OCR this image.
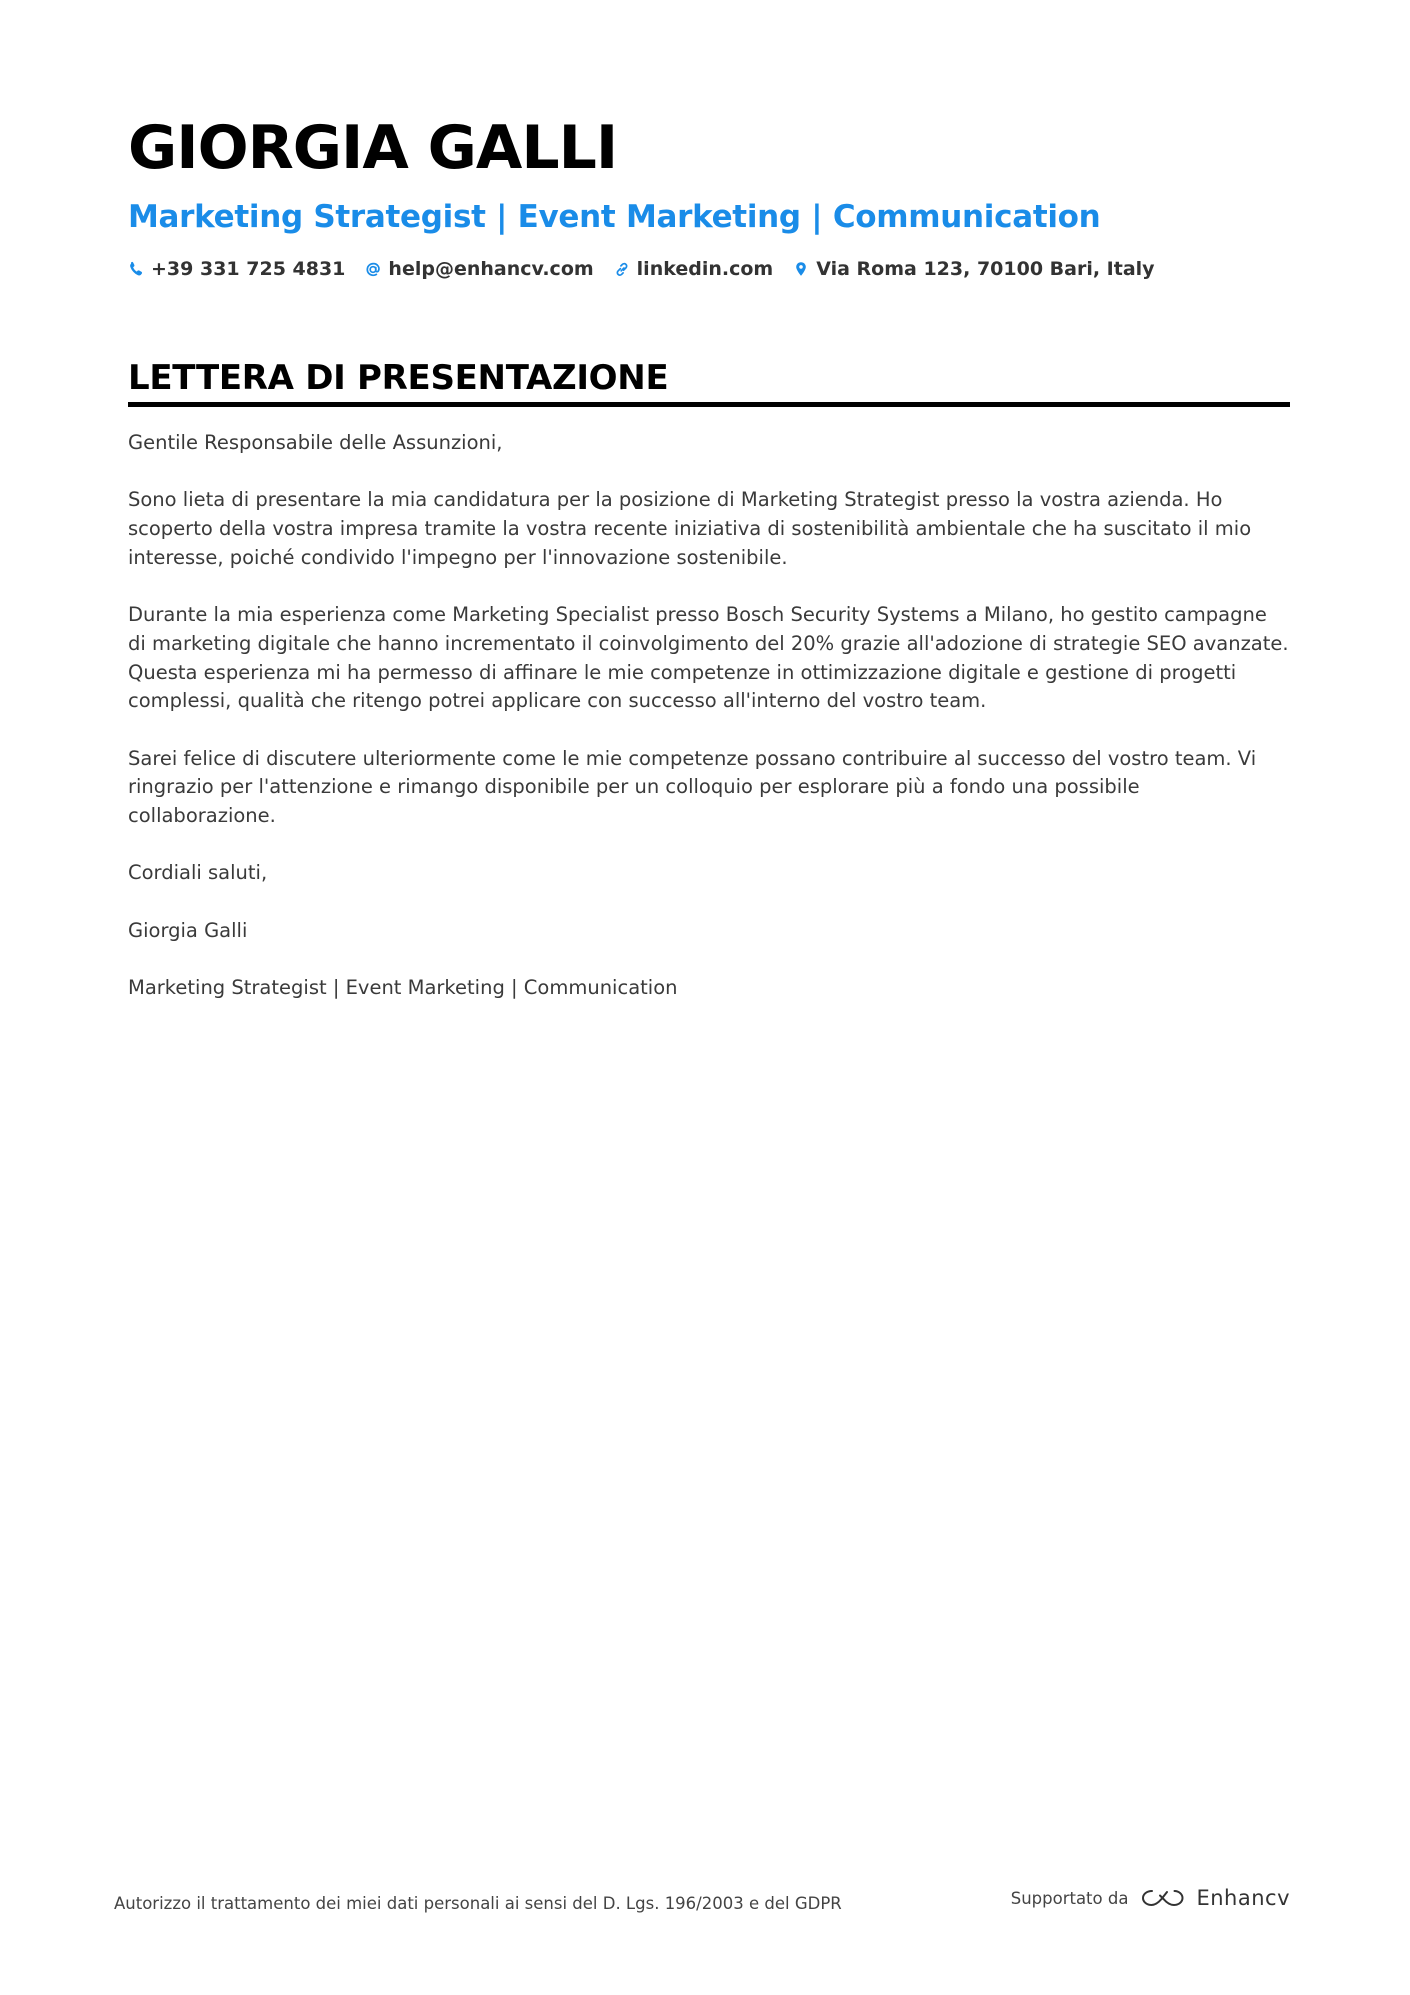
GIORGIA GALLI
Marketing Strategist | Event Marketing | Communication
+39 331 725 4831 help@enhancv.com linkedin.com Via Roma 123, 70100 Bari, Italy
LETTERA DI PRESENTAZIONE

Gentile Responsabile delle Assunzioni,

Sono lieta di presentare la mia candidatura per la posizione di Marketing Strategist presso la vostra azienda. Ho scoperto della vostra impresa tramite la vostra recente iniziativa di sostenibilità ambientale che ha suscitato il mio interesse, poiché condivido l'impegno per l'innovazione sostenibile.

Durante la mia esperienza come Marketing Specialist presso Bosch Security Systems a Milano, ho gestito campagne di marketing digitale che hanno incrementato il coinvolgimento del 20% grazie all'adozione di strategie SEO avanzate. Questa esperienza mi ha permesso di affinare le mie competenze in ottimizzazione digitale e gestione di progetti complessi, qualità che ritengo potrei applicare con successo all'interno del vostro team.

Sarei felice di discutere ulteriormente come le mie competenze possano contribuire al successo del vostro team. Vi ringrazio per l'attenzione e rimango disponibile per un colloquio per esplorare più a fondo una possibile collaborazione.

Cordiali saluti,

Giorgia Galli

Marketing Strategist | Event Marketing | Communication

Autorizzo il trattamento dei miei dati personali ai sensi del D. Lgs. 196/2003 e del GDPR	Supportato da	Enhancv
